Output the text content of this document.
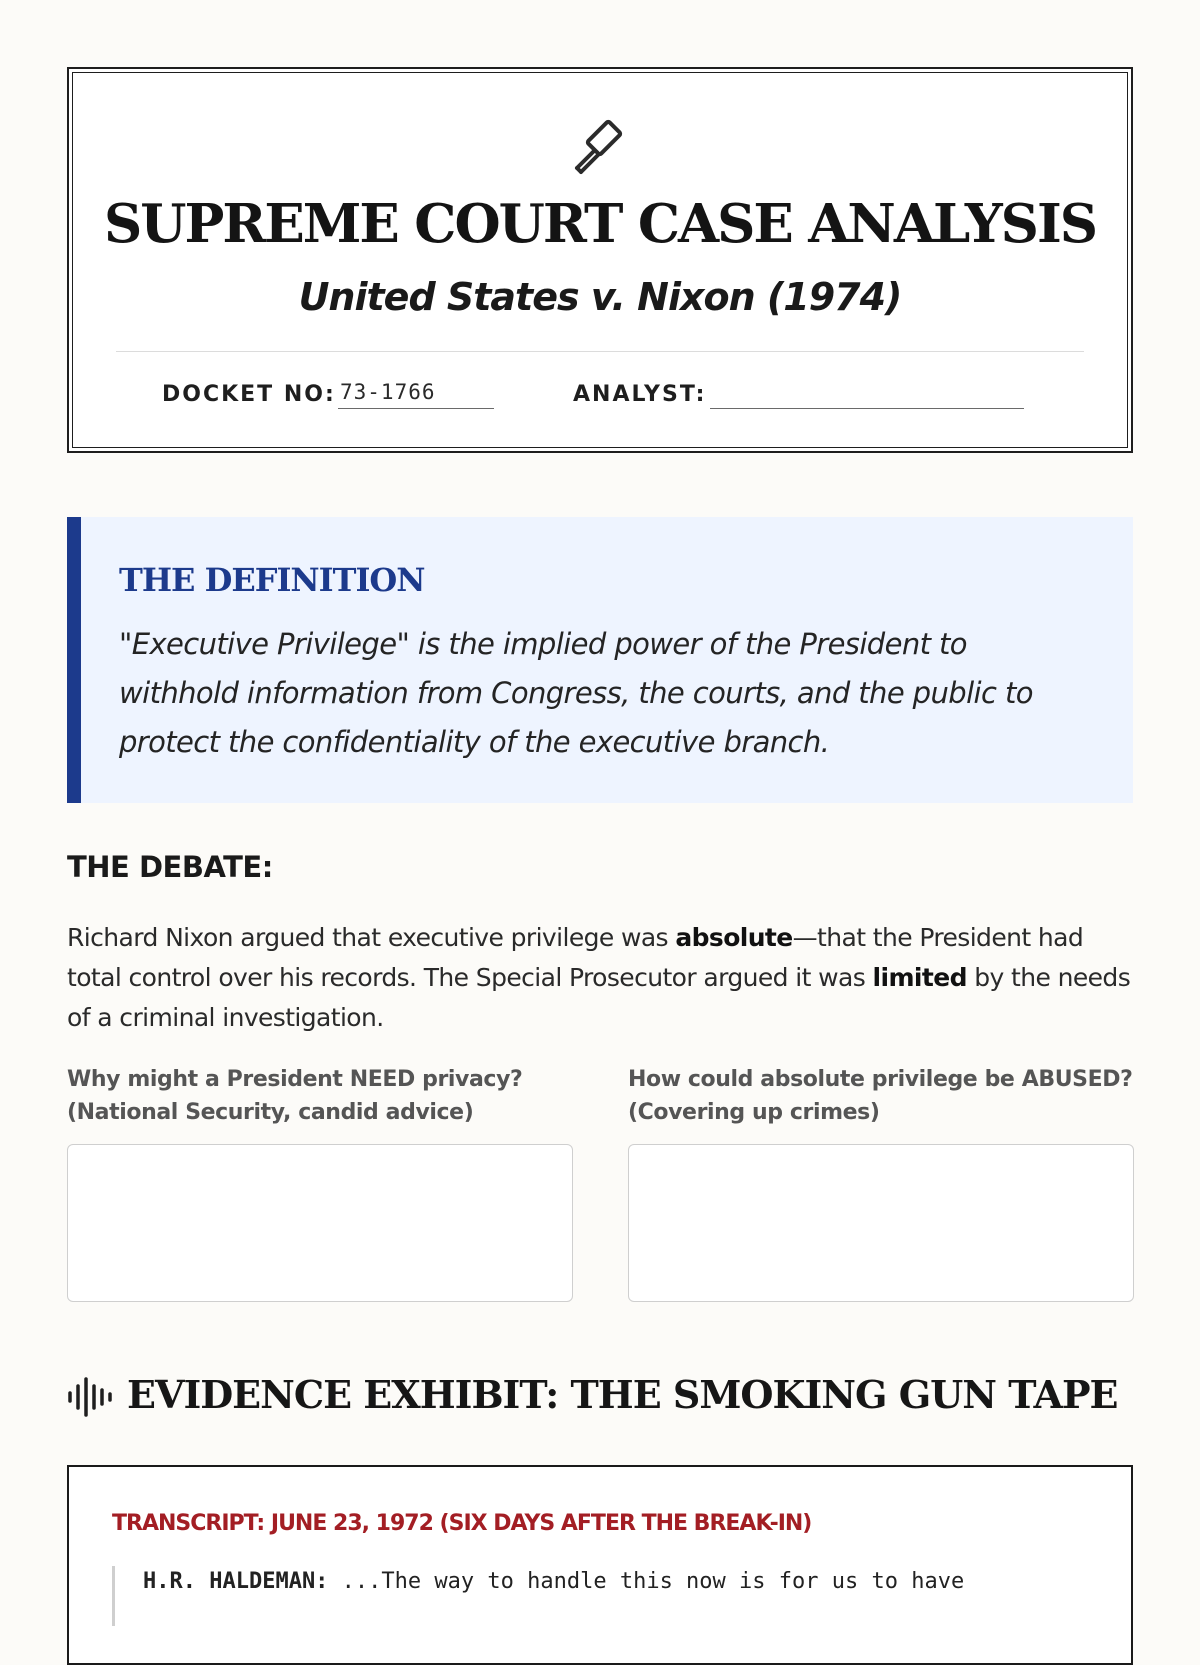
SUPREME COURT CASE ANALYSIS
United States v. Nixon (1974)
DOCKET NO: 73-1766	ANALYST:
THE DEFINITION
"Executive Privilege" is the implied power of the President to withhold information from Congress, the courts, and the public to protect the confidentiality of the executive branch.
THE DEBATE:
Richard Nixon argued that executive privilege was absolute—that the President had total control over his records. The Special Prosecutor argued it was limited by the needs of a criminal investigation.
Why might a President NEED privacy?
(National Security, candid advice)
How could absolute privilege be ABUSED?
(Covering up crimes)
EVIDENCE EXHIBIT: THE SMOKING GUN TAPE
TRANSCRIPT: JUNE 23, 1972 (SIX DAYS AFTER THE BREAK-IN)
H.R. HALDEMAN: ...The way to handle this now is for us to have
